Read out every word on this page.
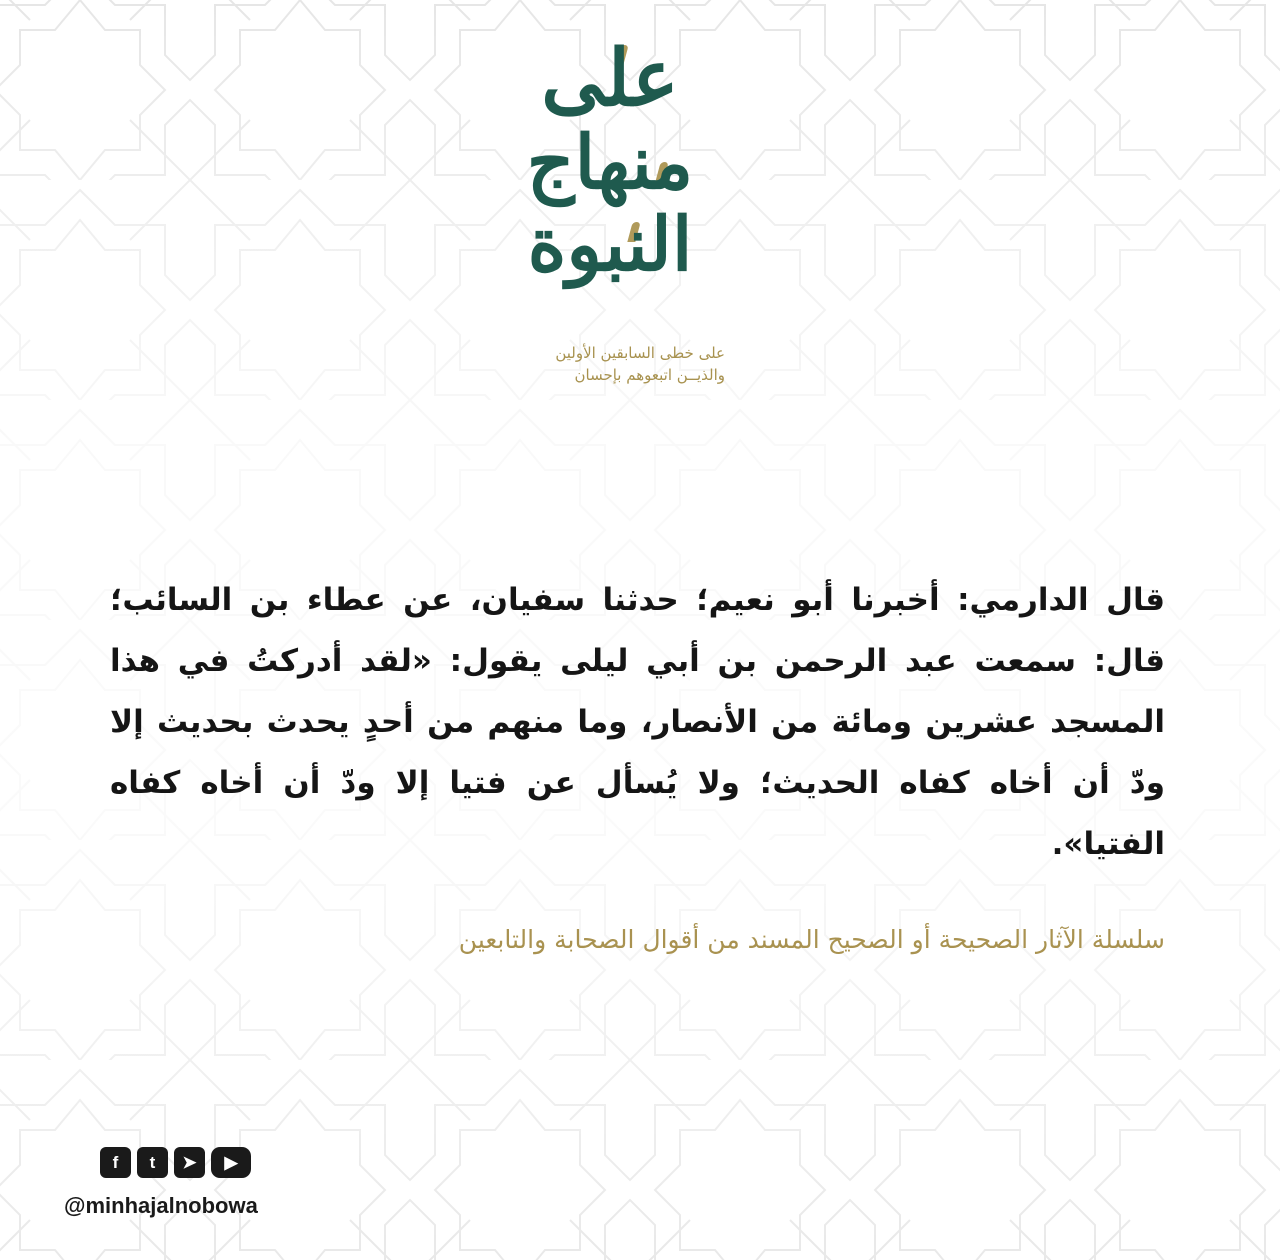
على
منهاج
النبوة
على خطى السابقين الأولين
والذيــن اتبعوهم بإحسان
قال الدارمي: أخبرنا أبو نعيم؛ حدثنا سفيان، عن عطاء بن السائب؛ قال: سمعت عبد الرحمن بن أبي ليلى يقول: «لقد أدركتُ في هذا المسجد عشرين ومائة من الأنصار، وما منهم من أحدٍ يحدث بحديث إلا ودّ أن أخاه كفاه الحديث؛ ولا يُسأل عن فتيا إلا ودّ أن أخاه كفاه الفتيا».
سلسلة الآثار الصحيحة أو الصحيح المسند من أقوال الصحابة والتابعين
f	t	➤	▶
@minhajalnobowa
